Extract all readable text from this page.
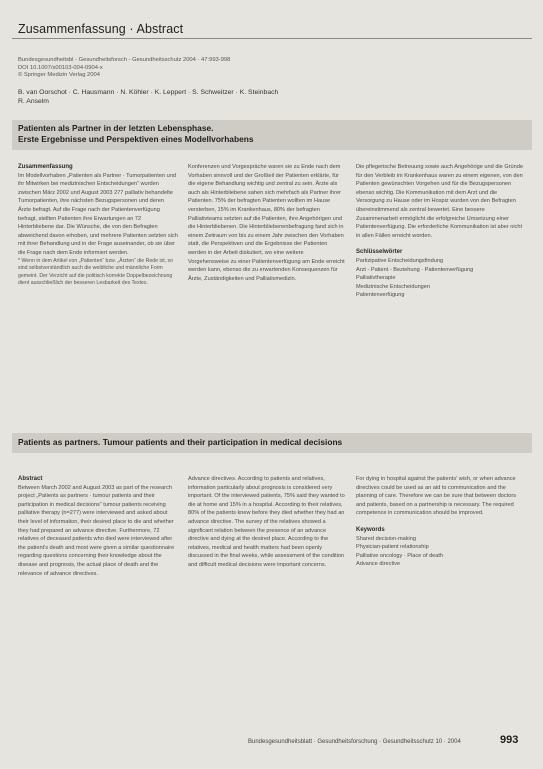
Zusammenfassung · Abstract
Bundesgesundheitsbl - Gesundheitsforsch - Gesundheitsschutz 2004 · 47:993-998
DOI 10.1007/s00103-004-0904-x
© Springer Medizin Verlag 2004
B. van Oorschot · C. Hausmann · N. Köhler · K. Leppert · S. Schweitzer · K. Steinbach
R. Anselm
Patienten als Partner in der letzten Lebensphase.
Erste Ergebnisse und Perspektiven eines Modellvorhabens
Zusammenfassung

Im Modellvorhaben „Patienten als Partner · Tumorpatienten und ihr Mitwirken bei medizinischen Entscheidungen“ wurden zwischen März 2002 und August 2003 277 palliativ behandelte Tumorpatienten, ihre nächsten Bezugspersonen und deren Ärzte befragt. Auf die Frage nach der Patientenverfügung befragt, stellten Patienten ihre Erwartungen an 72 Hinterbliebene dar. Die Wünsche, die von den Befragten abweichend davon erhoben, und mehrere Patienten setzten sich mit ihrer Behandlung und in der Frage auseinander, ob sie über die Frage nach dem Ende informiert werden.

* Wenn in dem Artikel von „Patienten“ bzw. „Ärzten“ die Rede ist, so sind selbstverständlich auch die weibliche und männliche Form gemeint. Der Verzicht auf die politisch korrekte Doppelbezeichnung dient ausschließlich der besseren Lesbarkeit des Textes.

Konferenzen und Vorgespräche waren sie zu Ende nach dem Vorhaben sinnvoll und der Großteil der Patienten erklärte, für die eigene Behandlung wichtig und zentral zu sein. Ärzte als auch als Hinterbliebene sahen sich mehrfach als Partner ihrer Patienten. 75% der befragten Patienten wollten im Hause versterben, 15% im Krankenhaus, 80% der befragten Palliativteams setzten auf die Patienten, ihre Angehörigen und die Hinterbliebenen. Die Hinterbliebenenbefragung fand sich in einem Zeitraum von bis zu einem Jahr zwischen den Vorhaben statt, die Perspektiven und die Ergebnisse der Patienten werden in der Arbeit diskutiert, wo eine weitere Vorgehensweise zu einer Patientenverfügung am Ende erreicht werden kann, ebenso die zu erwartenden Konsequenzen für Ärzte, Zuständigkeiten und Palliativmedizin.

Die pflegerische Betreuung sowie auch Angehörige und die Gründe für den Verbleib im Krankenhaus waren zu einem eigenen, von den Patienten gewünschten Vorgehen und für die Bezugspersonen ebenso wichtig. Die Kommunikation mit dem Arzt und die Versorgung zu Hause oder im Hospiz wurden von den Befragten übereinstimmend als zentral bewertet. Eine bessere Zusammenarbeit ermöglicht die erfolgreiche Umsetzung einer Patientenverfügung. Die erforderliche Kommunikation ist aber nicht in allen Fällen erreicht worden.

Schlüsselwörter
Partizipative Entscheidungsfindung
Arzt - Patient - Beziehung · Patientenverfügung
Palliativtherapie
Medizinische Entscheidungen
Patientenverfügung
Patients as partners. Tumour patients and their participation in medical decisions
Abstract

Between March 2002 and August 2003 as part of the research project „Patients as partners · tumour patients and their participation in medical decisions“ tumour patients receiving palliative therapy (n=277) were interviewed and asked about their level of information, their desired place to die and whether they had prepared an advance directive. Furthermore, 72 relatives of deceased patients who died were interviewed after the patient's death and most were given a similar questionnaire regarding questions concerning their knowledge about the disease and prognosis, the actual place of death and the relevance of advance directives.

Advance directives. According to patients and relatives, information particularly about prognosis is considered very important. Of the interviewed patients, 75% said they wanted to die at home and 15% in a hospital. According to their relatives, 80% of the patients knew before they died whether they had an advance directive. The survey of the relatives showed a significant relation between the presence of an advance directive and dying at the desired place. According to the relatives, medical and health matters had been openly discussed in the final weeks, while assessment of the condition and difficult medical decisions were important concerns.

For dying in hospital against the patients' wish, or when advance directives could be used as an aid to communication and the planning of care. Therefore we can be sure that between doctors and patients, based on a partnership is necessary. The required competence in communication should be improved.

Keywords
Shared decision-making
Physician-patient relationship
Palliative oncology · Place of death
Advance directive
Bundesgesundheitsblatt · Gesundheitsforschung · Gesundheitsschutz 10 · 2004	993
